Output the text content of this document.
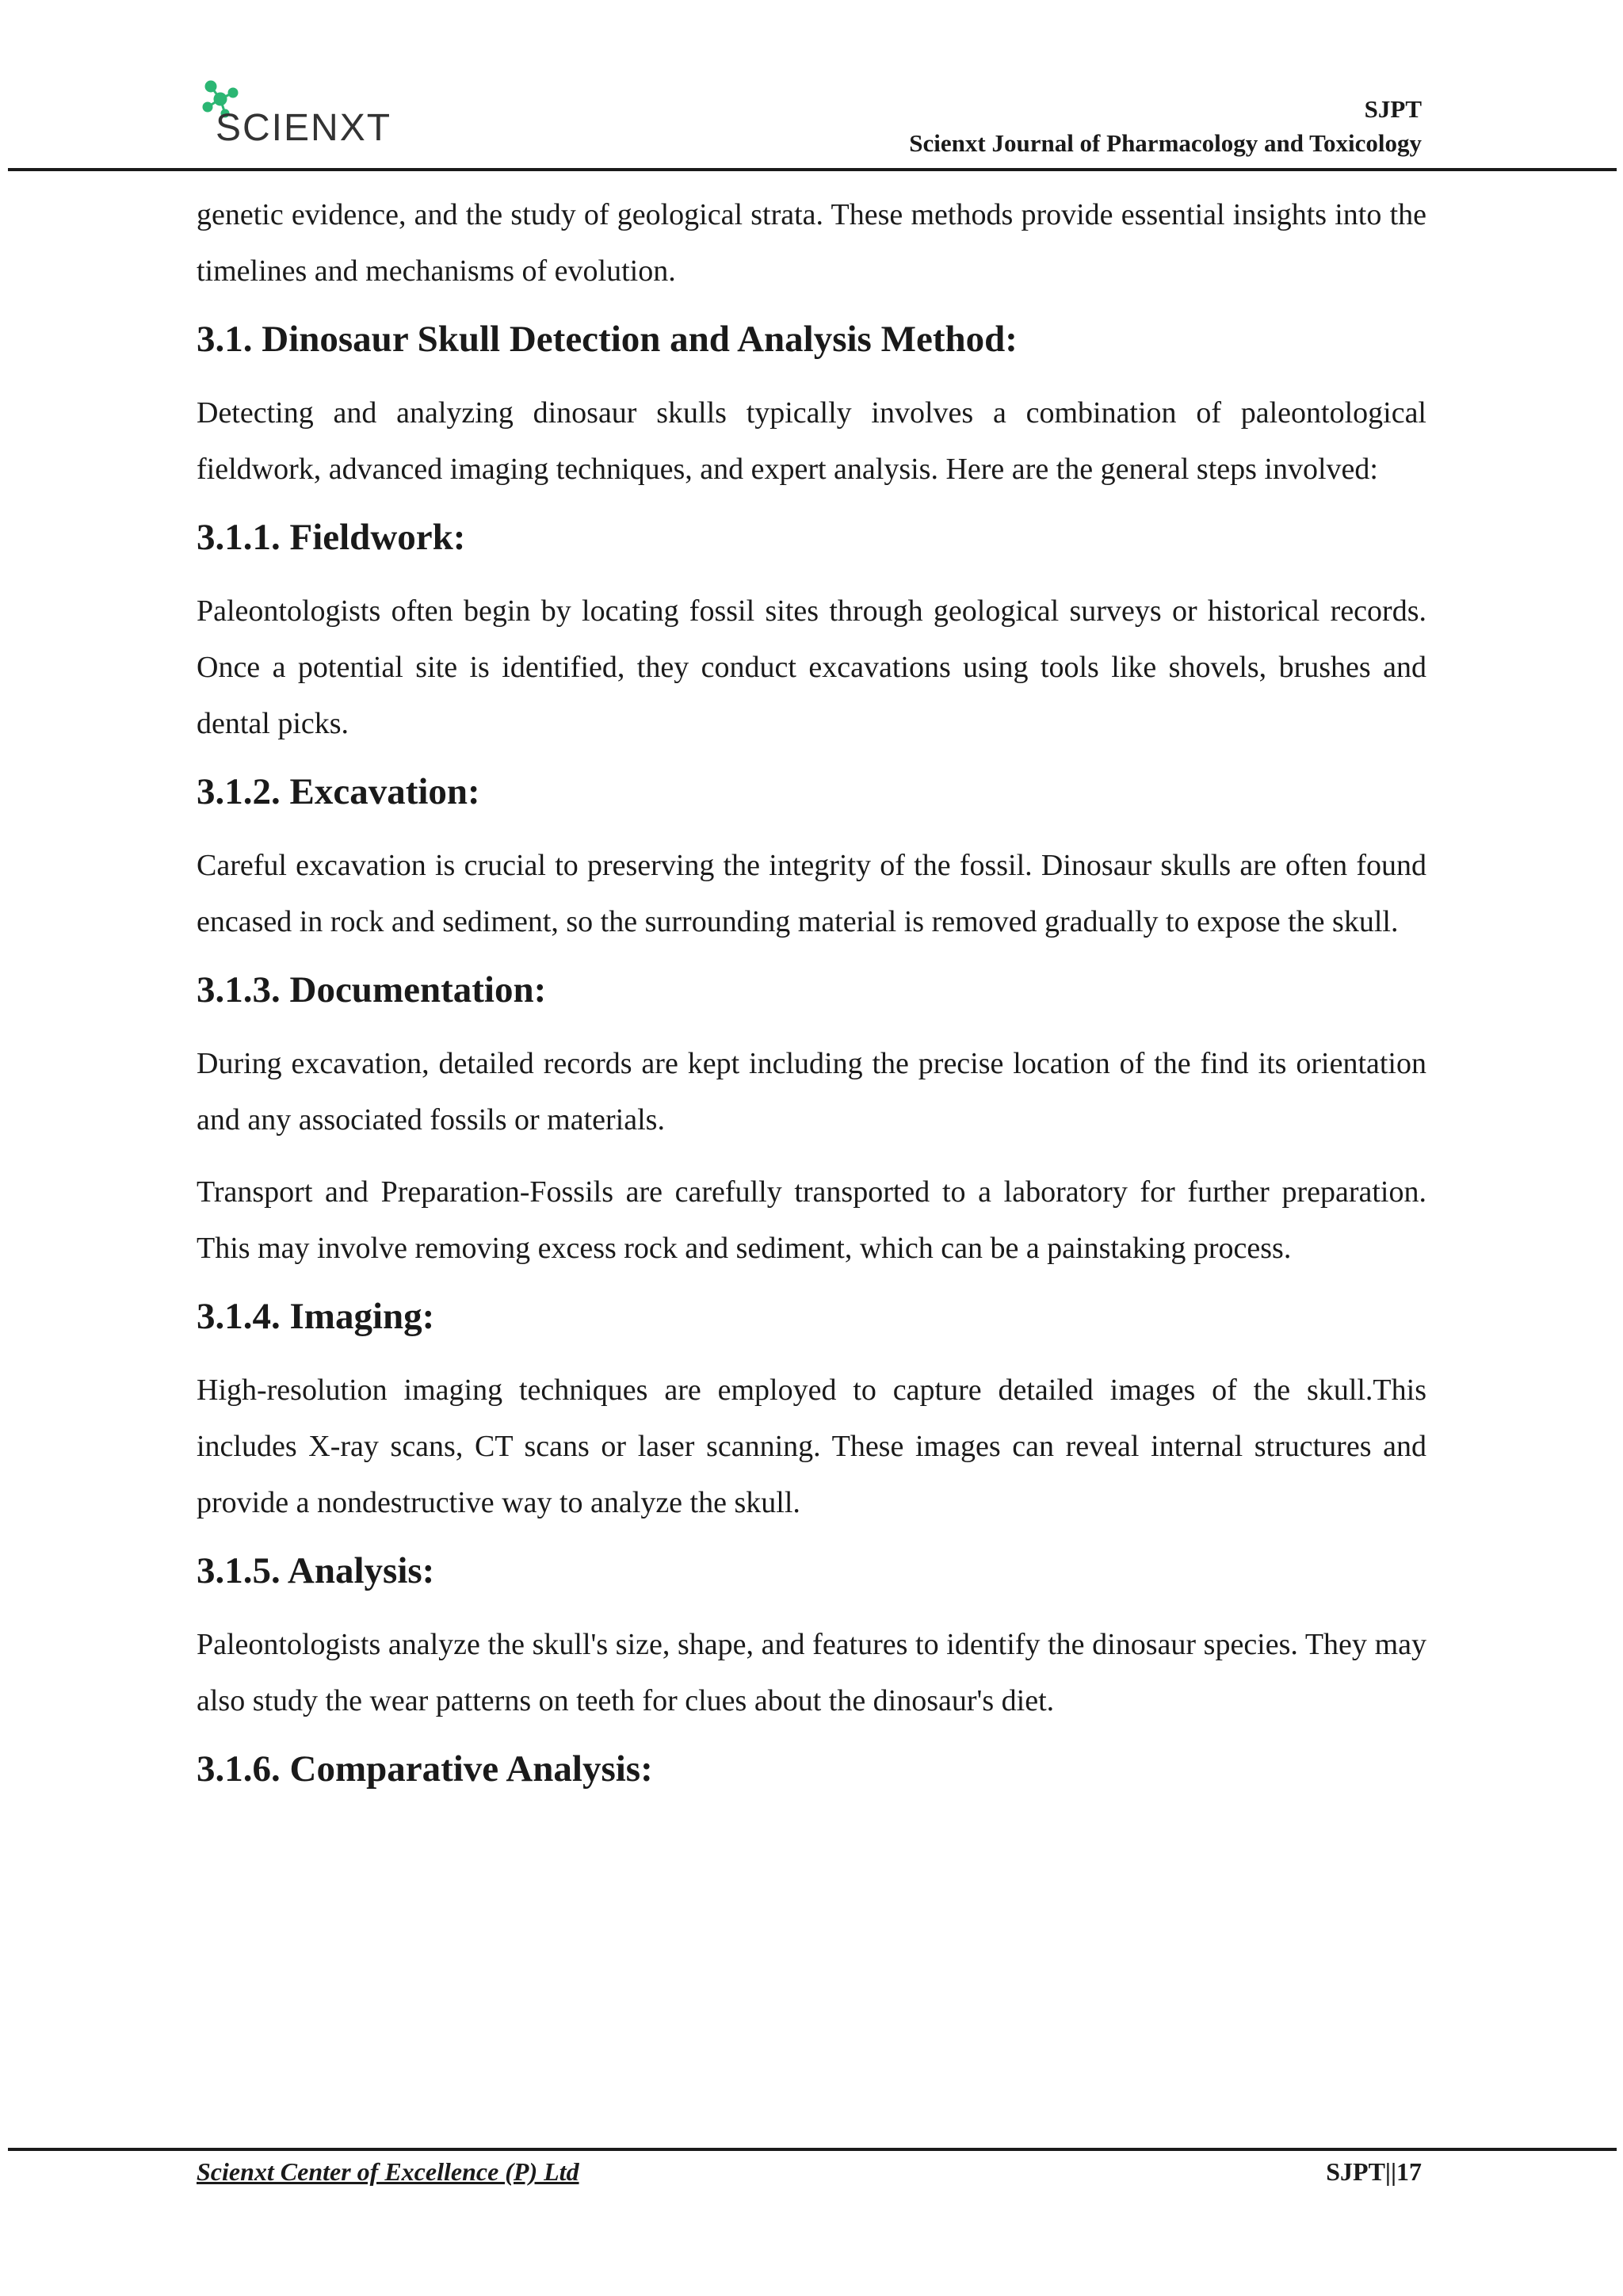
SCIENXT	SJPT
Scienxt Journal of Pharmacology and Toxicology

genetic evidence, and the study of geological strata. These methods provide essential insights into the timelines and mechanisms of evolution.

3.1. Dinosaur Skull Detection and Analysis Method:

Detecting and analyzing dinosaur skulls typically involves a combination of paleontological fieldwork, advanced imaging techniques, and expert analysis. Here are the general steps involved:

3.1.1. Fieldwork:

Paleontologists often begin by locating fossil sites through geological surveys or historical records. Once a potential site is identified, they conduct excavations using tools like shovels, brushes and dental picks.

3.1.2. Excavation:

Careful excavation is crucial to preserving the integrity of the fossil. Dinosaur skulls are often found encased in rock and sediment, so the surrounding material is removed gradually to expose the skull.

3.1.3. Documentation:

During excavation, detailed records are kept including the precise location of the find its orientation and any associated fossils or materials.

Transport and Preparation-Fossils are carefully transported to a laboratory for further preparation. This may involve removing excess rock and sediment, which can be a painstaking process.

3.1.4. Imaging:

High-resolution imaging techniques are employed to capture detailed images of the skull.This includes X-ray scans, CT scans or laser scanning. These images can reveal internal structures and provide a nondestructive way to analyze the skull.

3.1.5. Analysis:

Paleontologists analyze the skull's size, shape, and features to identify the dinosaur species. They may also study the wear patterns on teeth for clues about the dinosaur's diet.

3.1.6. Comparative Analysis:
Scienxt Center of Excellence (P) Ltd	SJPT||17
